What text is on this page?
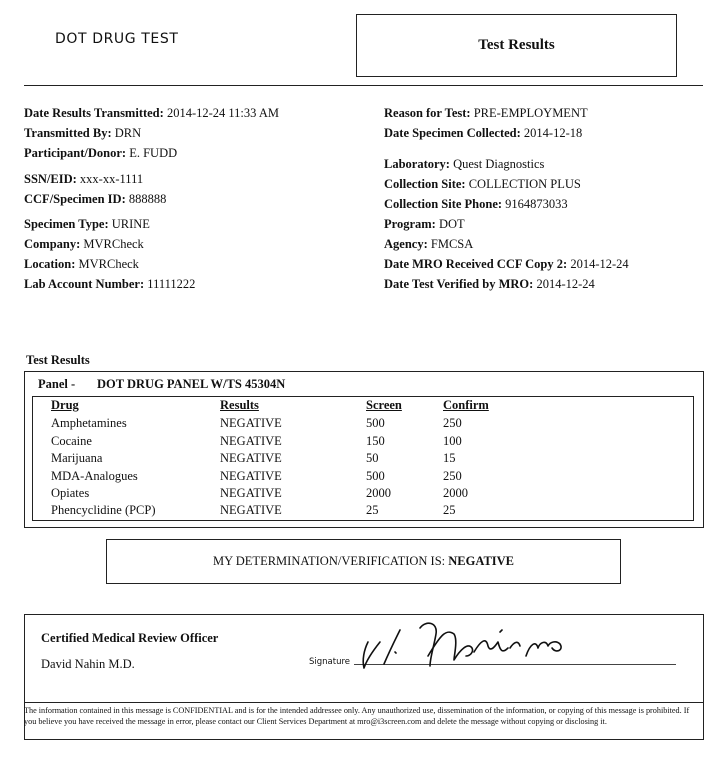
DOT DRUG TEST	Test Results
Date Results Transmitted: 2014-12-24 11:33 AM
Transmitted By: DRN
Participant/Donor: E. FUDD
SSN/EID: xxx-xx-1111
CCF/Specimen ID: 888888
Specimen Type: URINE
Company: MVRCheck
Location: MVRCheck
Lab Account Number: 11111222
Reason for Test: PRE-EMPLOYMENT
Date Specimen Collected: 2014-12-18
Laboratory: Quest Diagnostics
Collection Site: COLLECTION PLUS
Collection Site Phone: 9164873033
Program: DOT
Agency: FMCSA
Date MRO Received CCF Copy 2: 2014-12-24
Date Test Verified by MRO: 2014-12-24
Test Results
Panel - DOT DRUG PANEL W/TS 45304N
Drug	Results	Screen	Confirm
Amphetamines	NEGATIVE	500	250
Cocaine	NEGATIVE	150	100
Marijuana	NEGATIVE	50	15
MDA-Analogues	NEGATIVE	500	250
Opiates	NEGATIVE	2000	2000
Phencyclidine (PCP)	NEGATIVE	25	25
MY DETERMINATION/VERIFICATION IS:
NEGATIVE
Certified Medical Review Officer
David Nahin M.D.	Signature
The information contained in this message is CONFIDENTIAL and is for the intended addressee only. Any unauthorized use, dissemination of the information, or copying of this message is prohibited. If you believe you have received the message in error, please contact our Client Services Department at mro@i3screen.com and delete the message without copying or disclosing it.
